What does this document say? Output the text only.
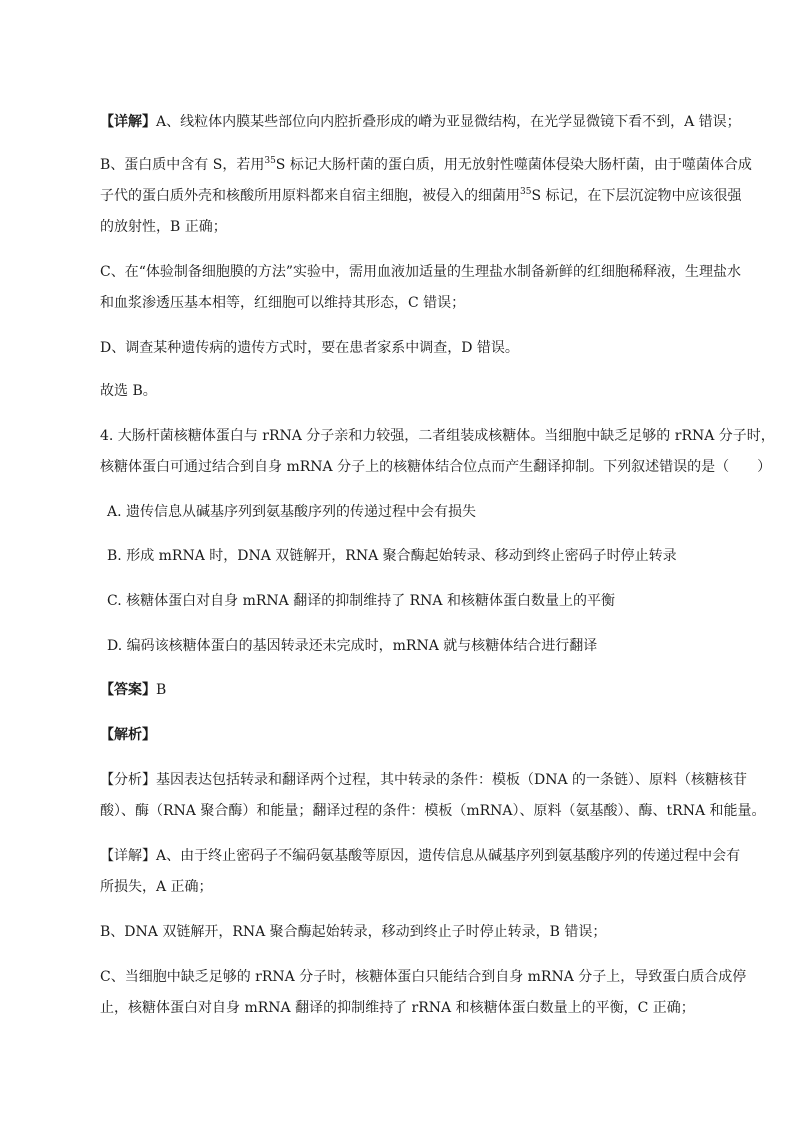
【详解】A、线粒体内膜某些部位向内腔折叠形成的嵴为亚显微结构，在光学显微镜下看不到，A 错误；
B、蛋白质中含有 S，若用$^{35}$S 标记大肠杆菌的蛋白质，用无放射性噬菌体侵染大肠杆菌，由于噬菌体合成
子代的蛋白质外壳和核酸所用原料都来自宿主细胞，被侵入的细菌用$^{35}$S 标记，在下层沉淀物中应该很强
的放射性，B 正确；
C、在“体验制备细胞膜的方法”实验中，需用血液加适量的生理盐水制备新鲜的红细胞稀释液，生理盐水
和血浆渗透压基本相等，红细胞可以维持其形态，C 错误；
D、调查某种遗传病的遗传方式时，要在患者家系中调查，D 错误。
故选 B。
4. 大肠杆菌核糖体蛋白与 rRNA 分子亲和力较强，二者组装成核糖体。当细胞中缺乏足够的 rRNA 分子时，
核糖体蛋白可通过结合到自身 mRNA 分子上的核糖体结合位点而产生翻译抑制。下列叙述错误的是（　　）
A. 遗传信息从碱基序列到氨基酸序列的传递过程中会有损失
B. 形成 mRNA 时，DNA 双链解开，RNA 聚合酶起始转录、移动到终止密码子时停止转录
C. 核糖体蛋白对自身 mRNA 翻译的抑制维持了 RNA 和核糖体蛋白数量上的平衡
D. 编码该核糖体蛋白的基因转录还未完成时，mRNA 就与核糖体结合进行翻译
【答案】B
【解析】
【分析】基因表达包括转录和翻译两个过程，其中转录的条件：模板（DNA 的一条链）、原料（核糖核苷
酸）、酶（RNA 聚合酶）和能量；翻译过程的条件：模板（mRNA）、原料（氨基酸）、酶、tRNA 和能量。
【详解】A、由于终止密码子不编码氨基酸等原因，遗传信息从碱基序列到氨基酸序列的传递过程中会有
所损失，A 正确；
B、DNA 双链解开，RNA 聚合酶起始转录，移动到终止子时停止转录，B 错误；
C、当细胞中缺乏足够的 rRNA 分子时，核糖体蛋白只能结合到自身 mRNA 分子上，导致蛋白质合成停
止，核糖体蛋白对自身 mRNA 翻译的抑制维持了 rRNA 和核糖体蛋白数量上的平衡，C 正确；
